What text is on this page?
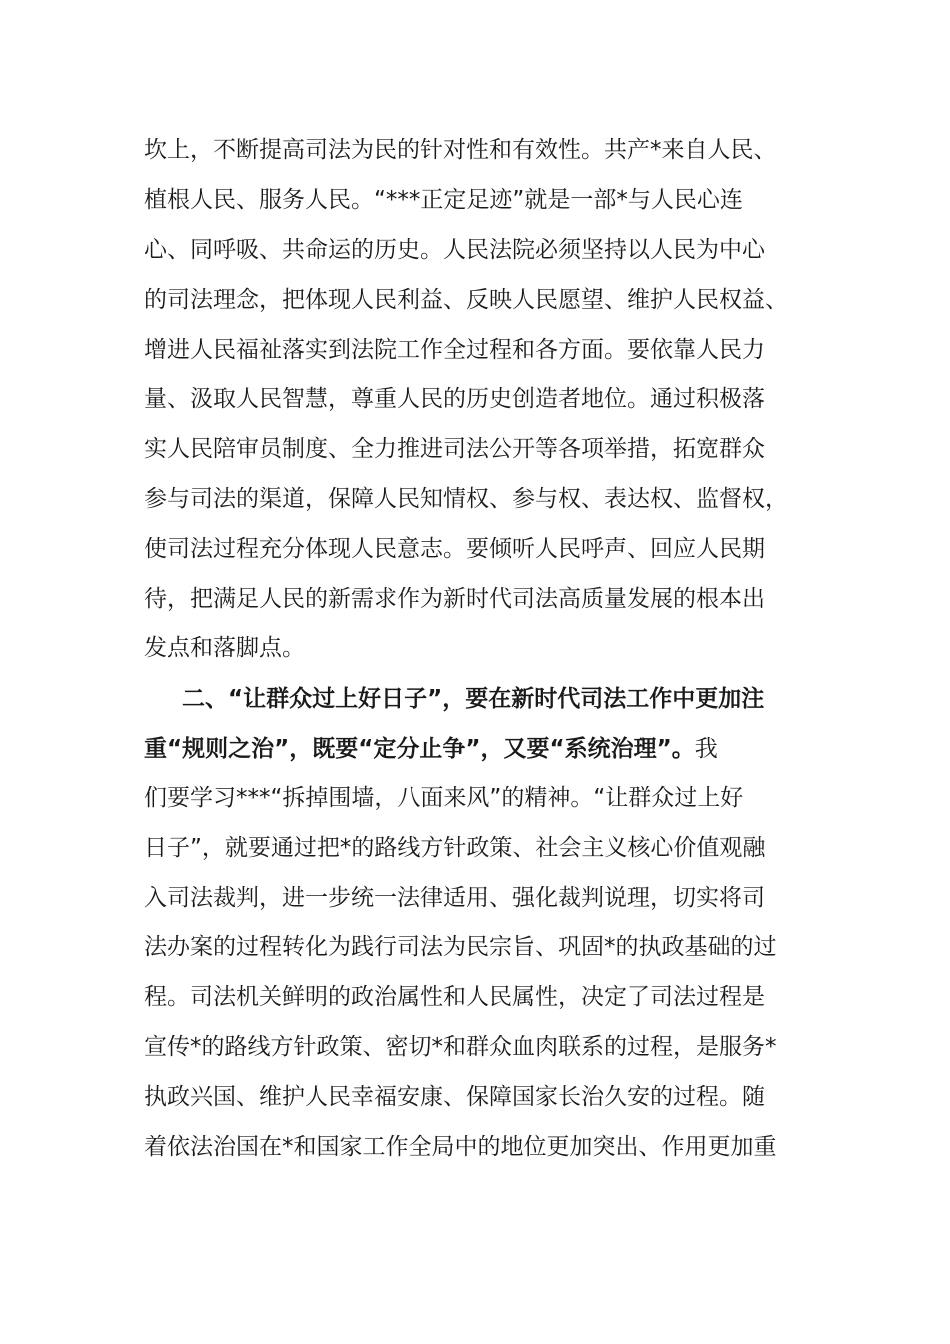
坎上，不断提高司法为民的针对性和有效性。共产*来自人民、
植根人民、服务人民。“***正定足迹”就是一部*与人民心连
心、同呼吸、共命运的历史。人民法院必须坚持以人民为中心
的司法理念，把体现人民利益、反映人民愿望、维护人民权益、
增进人民福祉落实到法院工作全过程和各方面。要依靠人民力
量、汲取人民智慧，尊重人民的历史创造者地位。通过积极落
实人民陪审员制度、全力推进司法公开等各项举措，拓宽群众
参与司法的渠道，保障人民知情权、参与权、表达权、监督权，
使司法过程充分体现人民意志。要倾听人民呼声、回应人民期
待，把满足人民的新需求作为新时代司法高质量发展的根本出
发点和落脚点。
二、“让群众过上好日子”，要在新时代司法工作中更加注
重“规则之治”，既要“定分止争”，又要“系统治理”。我
们要学习***“拆掉围墙，八面来风”的精神。“让群众过上好
日子”，就要通过把*的路线方针政策、社会主义核心价值观融
入司法裁判，进一步统一法律适用、强化裁判说理，切实将司
法办案的过程转化为践行司法为民宗旨、巩固*的执政基础的过
程。司法机关鲜明的政治属性和人民属性，决定了司法过程是
宣传*的路线方针政策、密切*和群众血肉联系的过程，是服务*
执政兴国、维护人民幸福安康、保障国家长治久安的过程。随
着依法治国在*和国家工作全局中的地位更加突出、作用更加重
